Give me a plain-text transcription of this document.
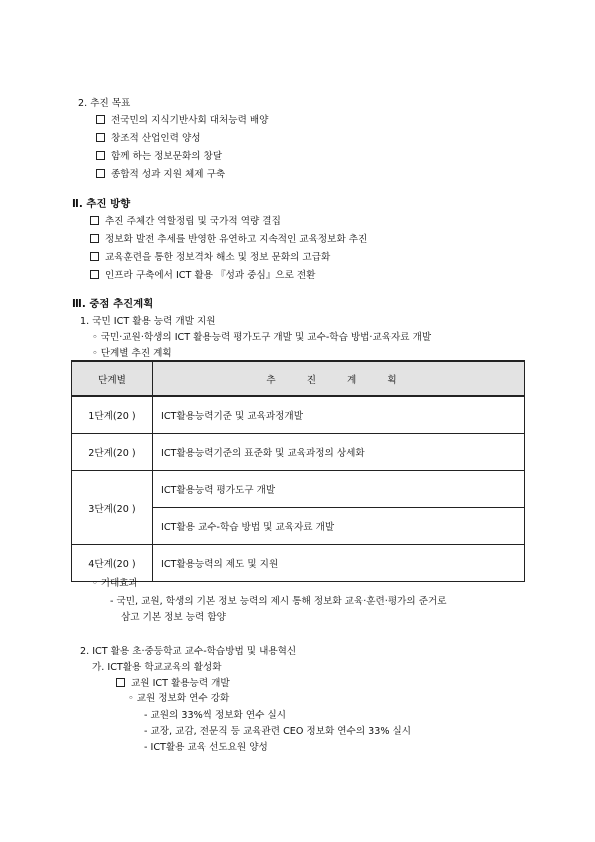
2. 추진 목표
전국민의 지식기반사회 대처능력 배양
창조적 산업인력 양성
함께 하는 정보문화의 창달
종합적 성과 지원 체제 구축
Ⅱ. 추진 방향
추진 주체간 역할정립 및 국가적 역량 결집
정보화 발전 추세를 반영한 유연하고 지속적인 교육정보화 추진
교육훈련을 통한 정보격차 해소 및 정보 문화의 고급화
인프라 구축에서 ICT 활용 『성과 중심』으로 전환
Ⅲ. 중점 추진계획
1. 국민 ICT 활용 능력 개발 지원
◦ 국민·교원·학생의 ICT 활용능력 평가도구 개발 및 교수-학습 방법·교육자료 개발
◦ 단계별 추진 계획
단계별	추 진 계 획
1단계(20 )	ICT활용능력기준 및 교육과정개발
2단계(20 )	ICT활용능력기준의 표준화 및 교육과정의 상세화
3단계(20 )	ICT활용능력 평가도구 개발
	ICT활용 교수-학습 방법 및 교육자료 개발
4단계(20 )	ICT활용능력의 제도 및 지원
◦ 기대효과
- 국민, 교원, 학생의 기본 정보 능력의 제시 통해 정보화 교육·훈련·평가의 준거로
삼고 기본 정보 능력 함양
2. ICT 활용 초·중등학교 교수-학습방법 및 내용혁신
가. ICT활용 학교교육의 활성화
교원 ICT 활용능력 개발
◦ 교원 정보화 연수 강화
- 교원의 33%씩 정보화 연수 실시
- 교장, 교감, 전문직 등 교육관련 CEO 정보화 연수의 33% 실시
- ICT활용 교육 선도요원 양성
